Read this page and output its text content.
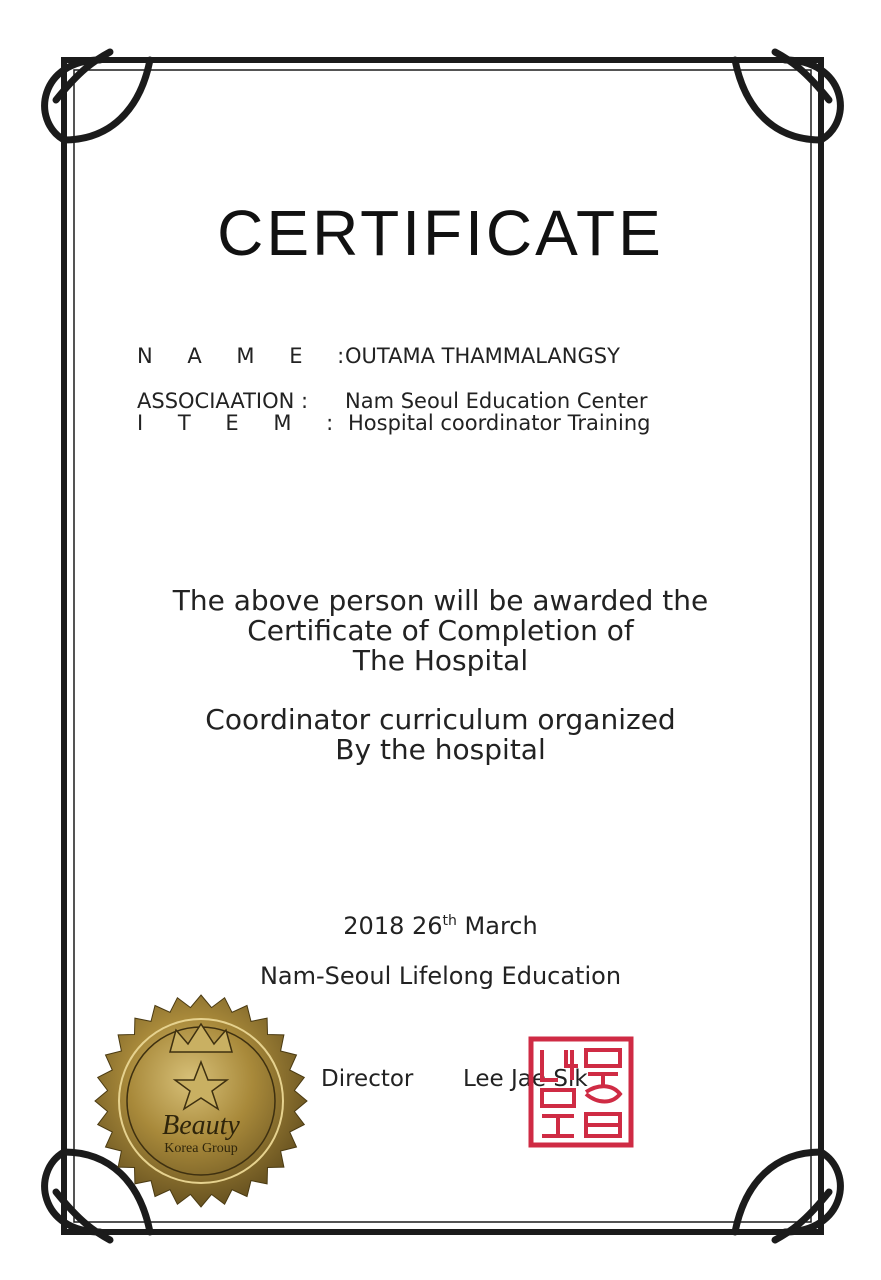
CERTIFICATE
N A M E :
OUTAMA THAMMALANGSY
ASSOCIAATION : Nam Seoul Education Center
I T E M : Hospital coordinator Training
The above person will be awarded the
Certificate of Completion of
The Hospital
Coordinator curriculum organized
By the hospital
2018 26th March
Nam-Seoul Lifelong Education
Beauty
Korea Group
Director Lee Jae Sik
